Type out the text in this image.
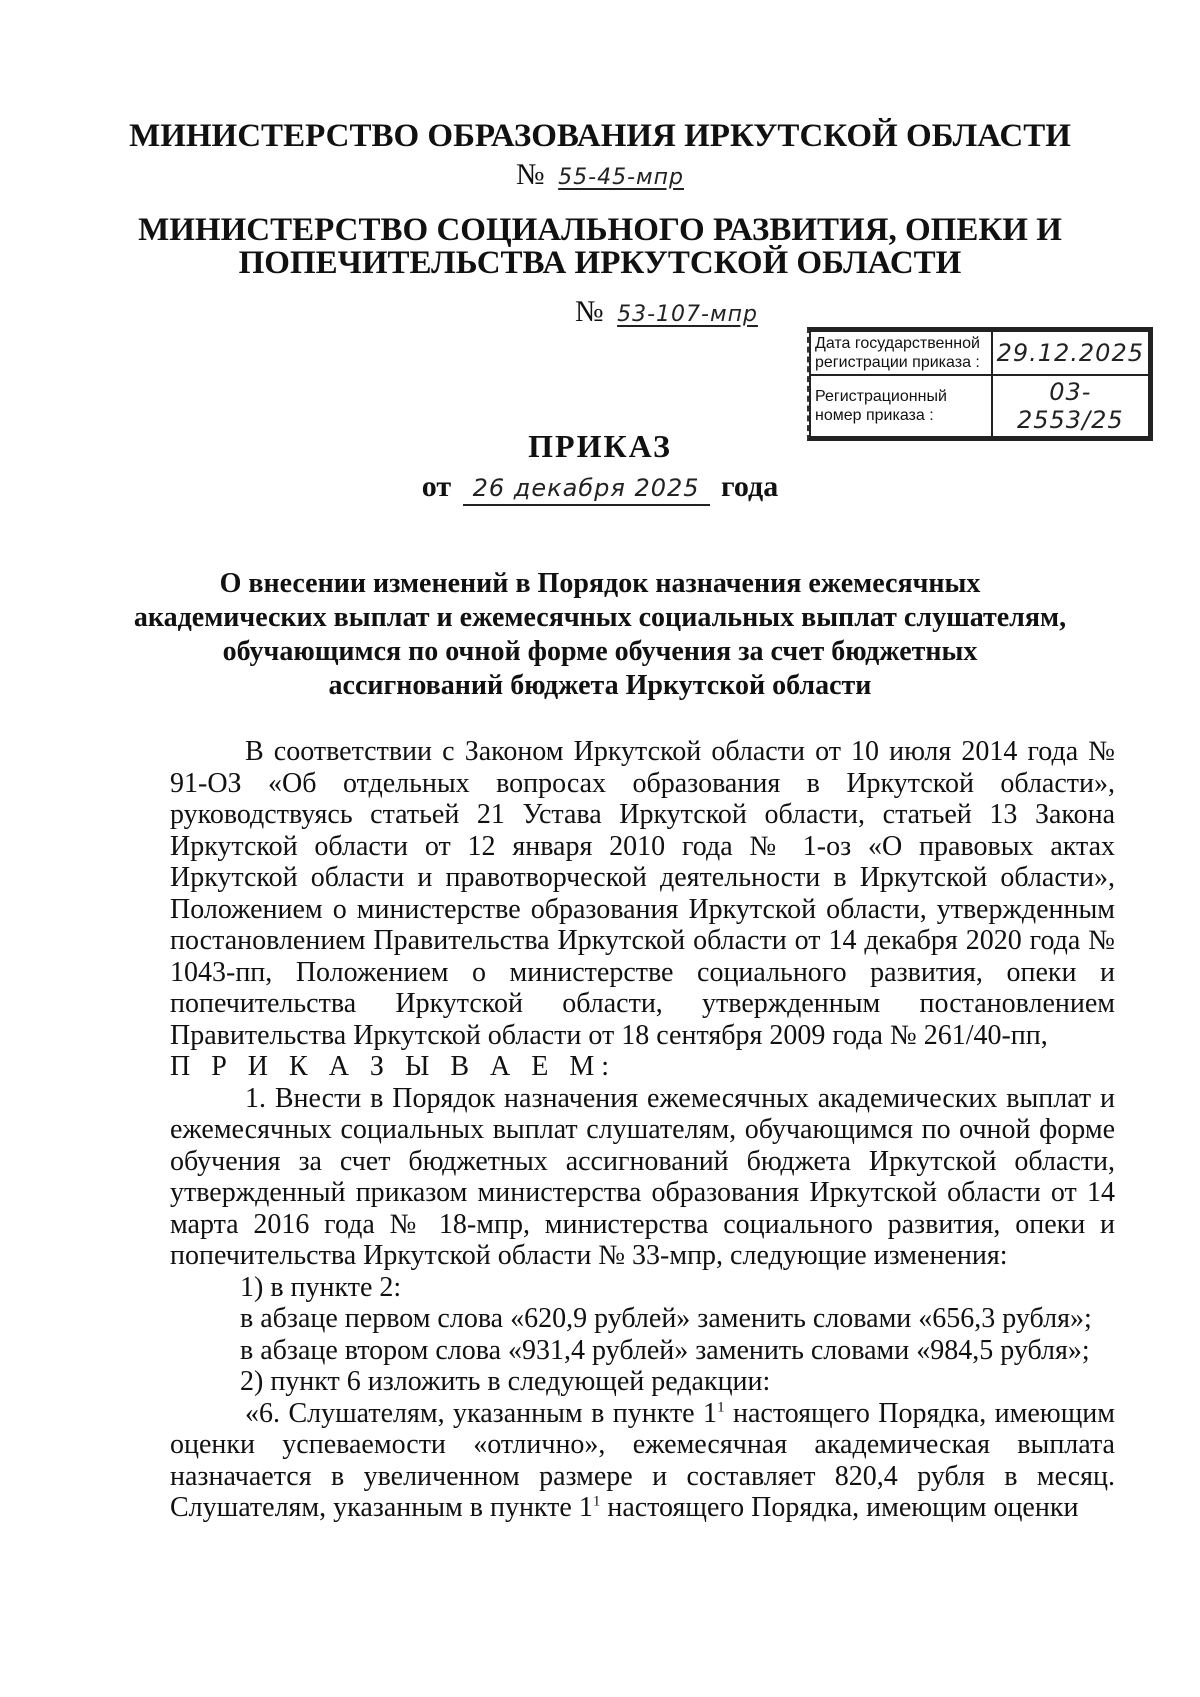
МИНИСТЕРСТВО ОБРАЗОВАНИЯ ИРКУТСКОЙ ОБЛАСТИ
№ 55-45-мпр
МИНИСТЕРСТВО СОЦИАЛЬНОГО РАЗВИТИЯ, ОПЕКИ И
ПОПЕЧИТЕЛЬСТВА ИРКУТСКОЙ ОБЛАСТИ
№ 53-107-мпр
Дата государственной регистрации приказа :	29.12.2025
Регистрационный номер приказа :	03-2553/25
ПРИКАЗ
от 26 декабря 2025 года
О внесении изменений в Порядок назначения ежемесячных
академических выплат и ежемесячных социальных выплат слушателям,
обучающимся по очной форме обучения за счет бюджетных
ассигнований бюджета Иркутской области

В соответствии с Законом Иркутской области от 10 июля 2014 года № 91-ОЗ «Об отдельных вопросах образования в Иркутской области», руководствуясь статьей 21 Устава Иркутской области, статьей 13 Закона Иркутской области от 12 января 2010 года № 1-оз «О правовых актах Иркутской области и правотворческой деятельности в Иркутской области», Положением о министерстве образования Иркутской области, утвержденным постановлением Правительства Иркутской области от 14 декабря 2020 года № 1043-пп, Положением о министерстве социального развития, опеки и попечительства Иркутской области, утвержденным постановлением Правительства Иркутской области от 18 сентября 2009 года № 261/40-пп,

П Р И К А З Ы В А Е М:

1. Внести в Порядок назначения ежемесячных академических выплат и ежемесячных социальных выплат слушателям, обучающимся по очной форме обучения за счет бюджетных ассигнований бюджета Иркутской области, утвержденный приказом министерства образования Иркутской области от 14 марта 2016 года № 18-мпр, министерства социального развития, опеки и попечительства Иркутской области № 33-мпр, следующие изменения:

1) в пункте 2:

в абзаце первом слова «620,9 рублей» заменить словами «656,3 рубля»;

в абзаце втором слова «931,4 рублей» заменить словами «984,5 рубля»;

2) пункт 6 изложить в следующей редакции:

«6. Слушателям, указанным в пункте $1^1$ настоящего Порядка, имеющим оценки успеваемости «отлично», ежемесячная академическая выплата назначается в увеличенном размере и составляет 820,4 рубля в месяц. Слушателям, указанным в пункте $1^1$ настоящего Порядка, имеющим оценки
